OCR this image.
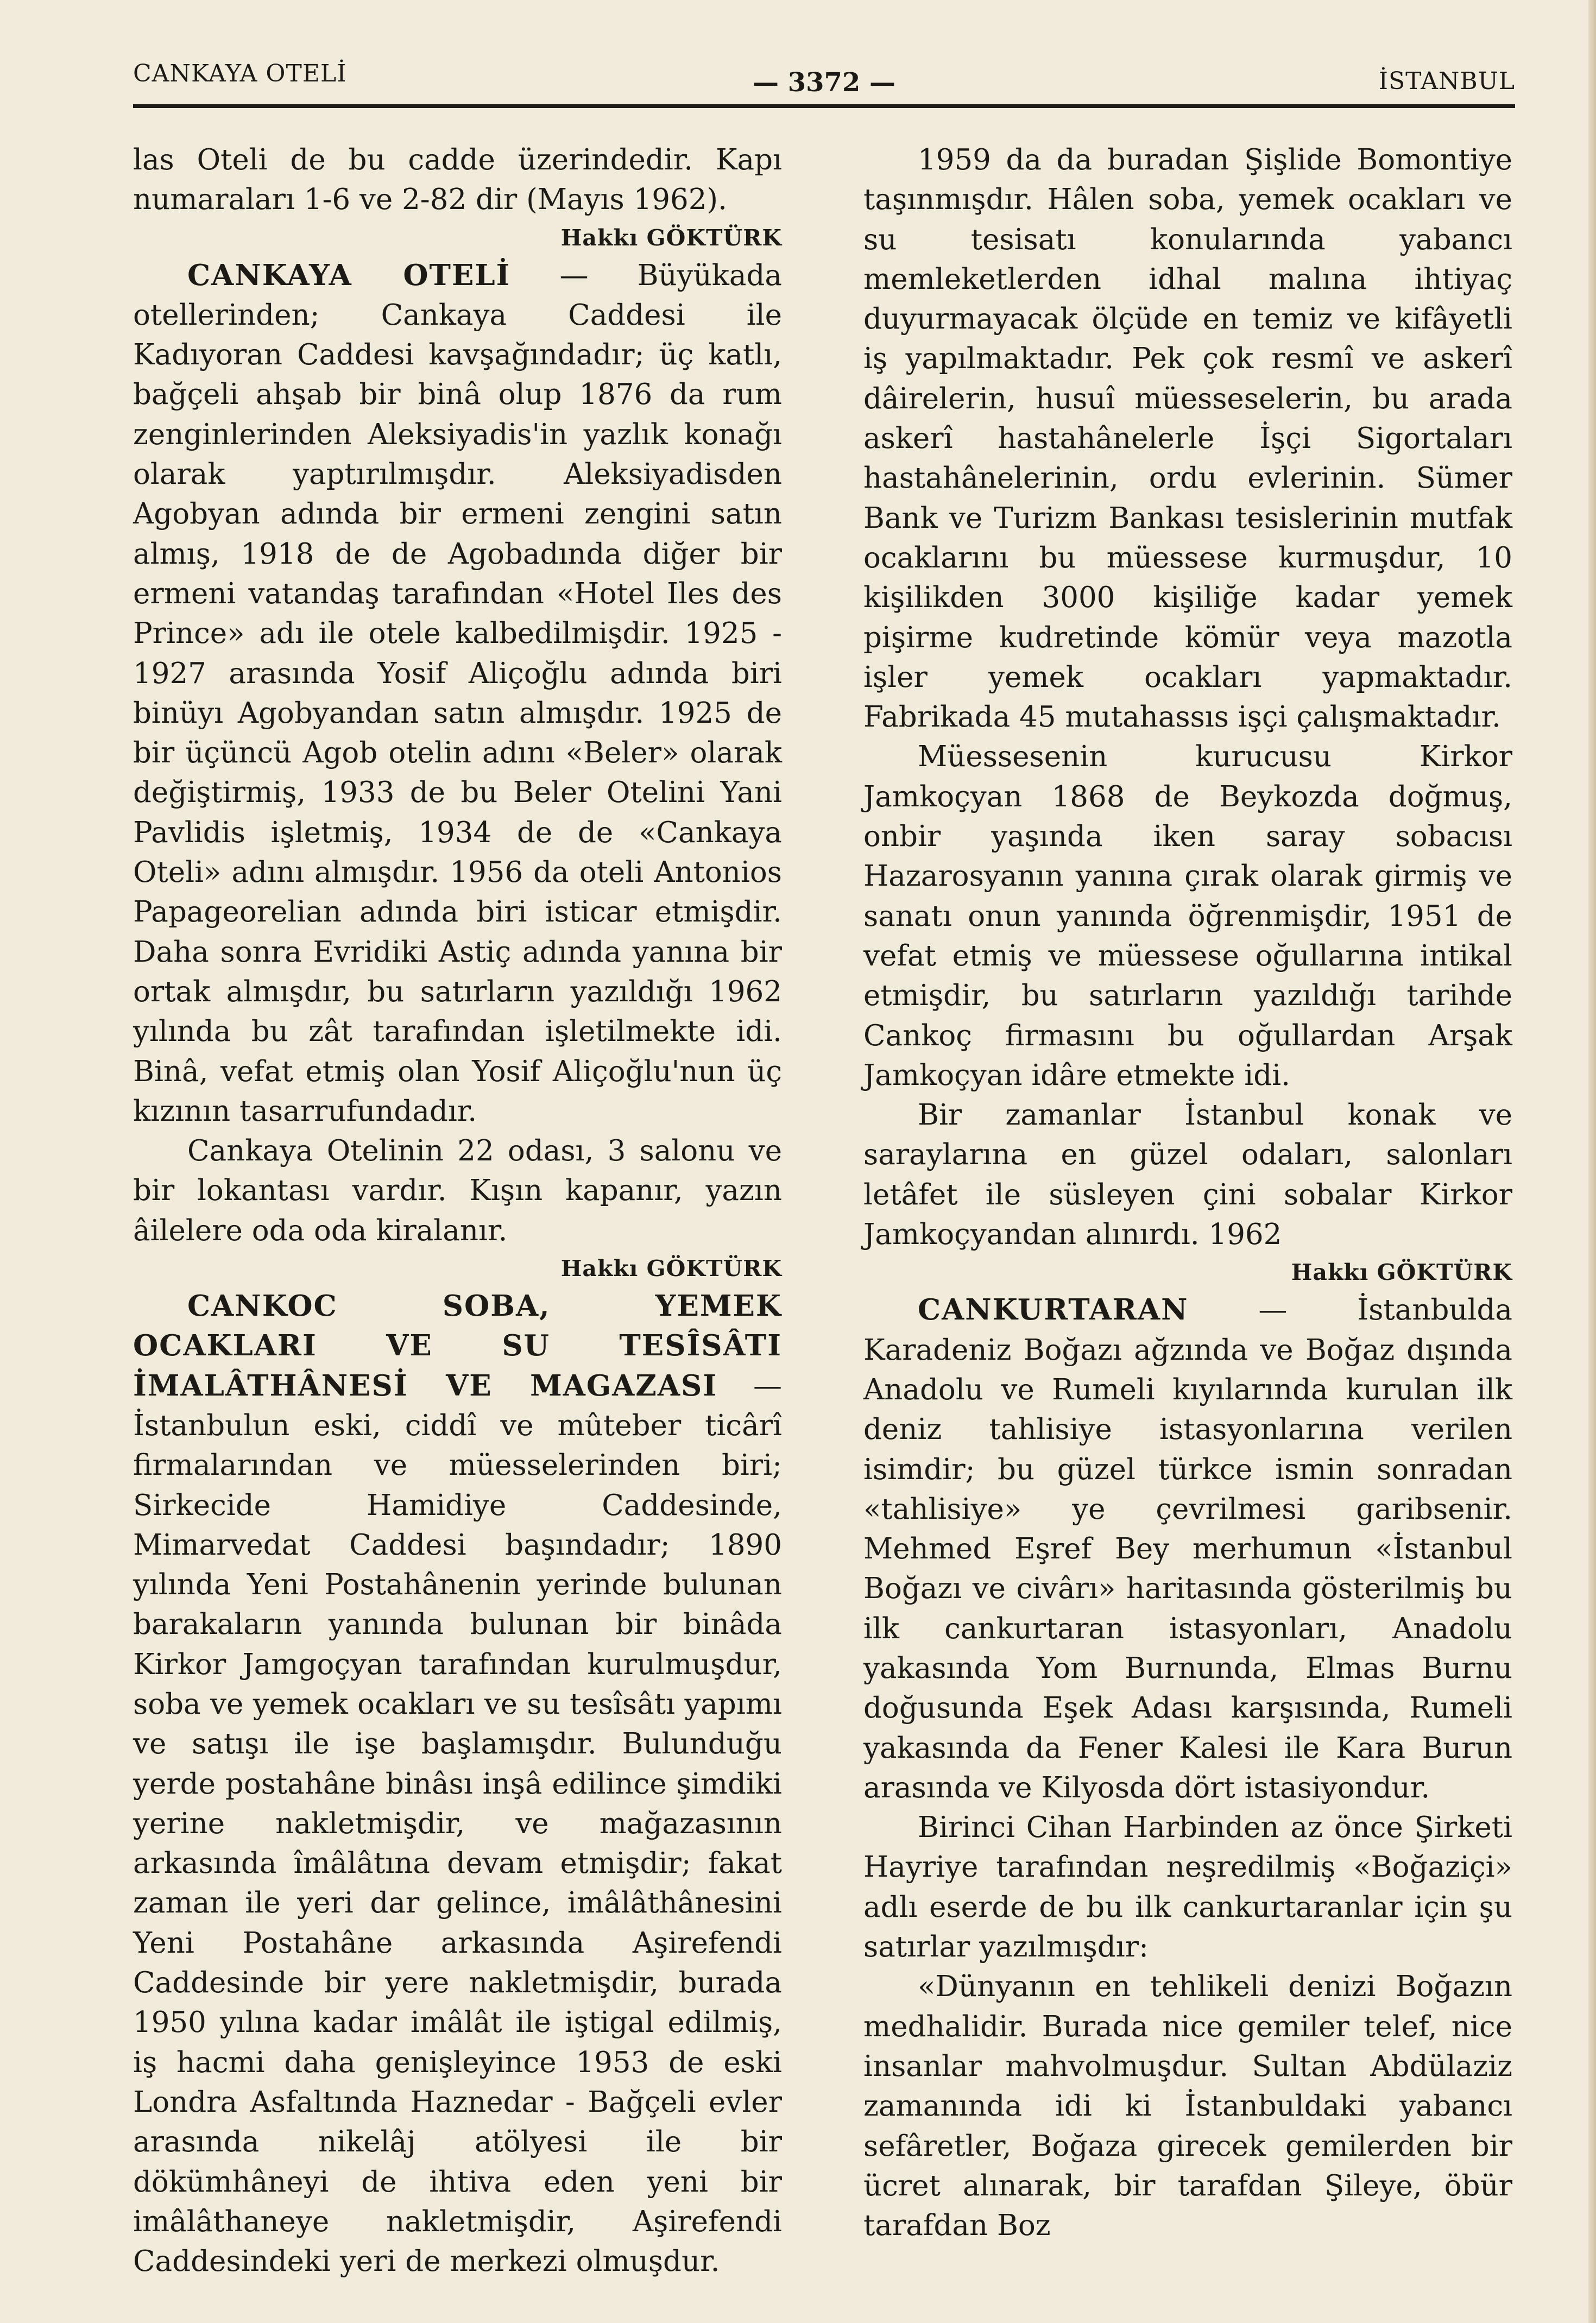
CANKAYA OTELİ	— 3372 —	İSTANBUL

las Oteli de bu cadde üzerindedir. Kapı numaraları 1-6 ve 2-82 dir (Mayıs 1962).

Hakkı GÖKTÜRK

CANKAYA OTELİ — Büyükada otellerinden; Cankaya Caddesi ile Kadıyoran Caddesi kavşağındadır; üç katlı, bağçeli ahşab bir binâ olup 1876 da rum zenginlerinden Aleksiyadis'in yazlık konağı olarak yaptırılmışdır. Aleksiyadisden Agobyan adında bir ermeni zengini satın almış, 1918 de de Agobadında diğer bir ermeni vatandaş tarafından «Hotel Iles des Prince» adı ile otele kalbedilmişdir. 1925 - 1927 arasında Yosif Aliçoğlu adında biri binüyı Agobyandan satın almışdır. 1925 de bir üçüncü Agob otelin adını «Beler» olarak değiştirmiş, 1933 de bu Beler Otelini Yani Pavlidis işletmiş, 1934 de de «Cankaya Oteli» adını almışdır. 1956 da oteli Antonios Papageorelian adında biri isticar etmişdir. Daha sonra Evridiki Astiç adında yanına bir ortak almışdır, bu satırların yazıldığı 1962 yılında bu zât tarafından işletilmekte idi. Binâ, vefat etmiş olan Yosif Aliçoğlu'nun üç kızının tasarrufundadır.

Cankaya Otelinin 22 odası, 3 salonu ve bir lokantası vardır. Kışın kapanır, yazın âilelere oda oda kiralanır.

Hakkı GÖKTÜRK

CANKOC SOBA, YEMEK OCAKLARI VE SU TESÎSÂTI İMALÂTHÂNESİ VE MAGAZASI — İstanbulun eski, ciddî ve mûteber ticârî firmalarından ve müesselerinden biri; Sirkecide Hamidiye Caddesinde, Mimarvedat Caddesi başındadır; 1890 yılında Yeni Postahânenin yerinde bulunan barakaların yanında bulunan bir binâda Kirkor Jamgoçyan tarafından kurulmuşdur, soba ve yemek ocakları ve su tesîsâtı yapımı ve satışı ile işe başlamışdır. Bulunduğu yerde postahâne binâsı inşâ edilince şimdiki yerine nakletmişdir, ve mağazasının arkasında îmâlâtına devam etmişdir; fakat zaman ile yeri dar gelince, imâlâthânesini Yeni Postahâne arkasında Aşirefendi Caddesinde bir yere nakletmişdir, burada 1950 yılına kadar imâlât ile iştigal edilmiş, iş hacmi daha genişleyince 1953 de eski Londra Asfaltında Haznedar - Bağçeli evler arasında nikelâj atölyesi ile bir dökümhâneyi de ihtiva eden yeni bir imâlâthaneye nakletmişdir, Aşirefendi Caddesindeki yeri de merkezi olmuşdur.

1959 da da buradan Şişlide Bomontiye taşınmışdır. Hâlen soba, yemek ocakları ve su tesisatı konularında yabancı memleketlerden idhal malına ihtiyaç duyurmayacak ölçüde en temiz ve kifâyetli iş yapılmaktadır. Pek çok resmî ve askerî dâirelerin, husuî müesseselerin, bu arada askerî hastahânelerle İşçi Sigortaları hastahânelerinin, ordu evlerinin. Sümer Bank ve Turizm Bankası tesislerinin mutfak ocaklarını bu müessese kurmuşdur, 10 kişilikden 3000 kişiliğe kadar yemek pişirme kudretinde kömür veya mazotla işler yemek ocakları yapmaktadır. Fabrikada 45 mutahassıs işçi çalışmaktadır.

Müessesenin kurucusu Kirkor Jamkoçyan 1868 de Beykozda doğmuş, onbir yaşında iken saray sobacısı Hazarosyanın yanına çırak olarak girmiş ve sanatı onun yanında öğrenmişdir, 1951 de vefat etmiş ve müessese oğullarına intikal etmişdir, bu satırların yazıldığı tarihde Cankoç firmasını bu oğullardan Arşak Jamkoçyan idâre etmekte idi.

Bir zamanlar İstanbul konak ve saraylarına en güzel odaları, salonları letâfet ile süsleyen çini sobalar Kirkor Jamkoçyandan alınırdı. 1962

Hakkı GÖKTÜRK

CANKURTARAN — İstanbulda Karadeniz Boğazı ağzında ve Boğaz dışında Anadolu ve Rumeli kıyılarında kurulan ilk deniz tahlisiye istasyonlarına verilen isimdir; bu güzel türkce ismin sonradan «tahlisiye» ye çevrilmesi garibsenir. Mehmed Eşref Bey merhumun «İstanbul Boğazı ve civârı» haritasında gösterilmiş bu ilk cankurtaran istasyonları, Anadolu yakasında Yom Burnunda, Elmas Burnu doğusunda Eşek Adası karşısında, Rumeli yakasında da Fener Kalesi ile Kara Burun arasında ve Kilyosda dört istasiyondur.

Birinci Cihan Harbinden az önce Şirketi Hayriye tarafından neşredilmiş «Boğaziçi» adlı eserde de bu ilk cankurtaranlar için şu satırlar yazılmışdır:

«Dünyanın en tehlikeli denizi Boğazın medhalidir. Burada nice gemiler telef, nice insanlar mahvolmuşdur. Sultan Abdülaziz zamanında idi ki İstanbuldaki yabancı sefâretler, Boğaza girecek gemilerden bir ücret alınarak, bir tarafdan Şileye, öbür tarafdan Boz
